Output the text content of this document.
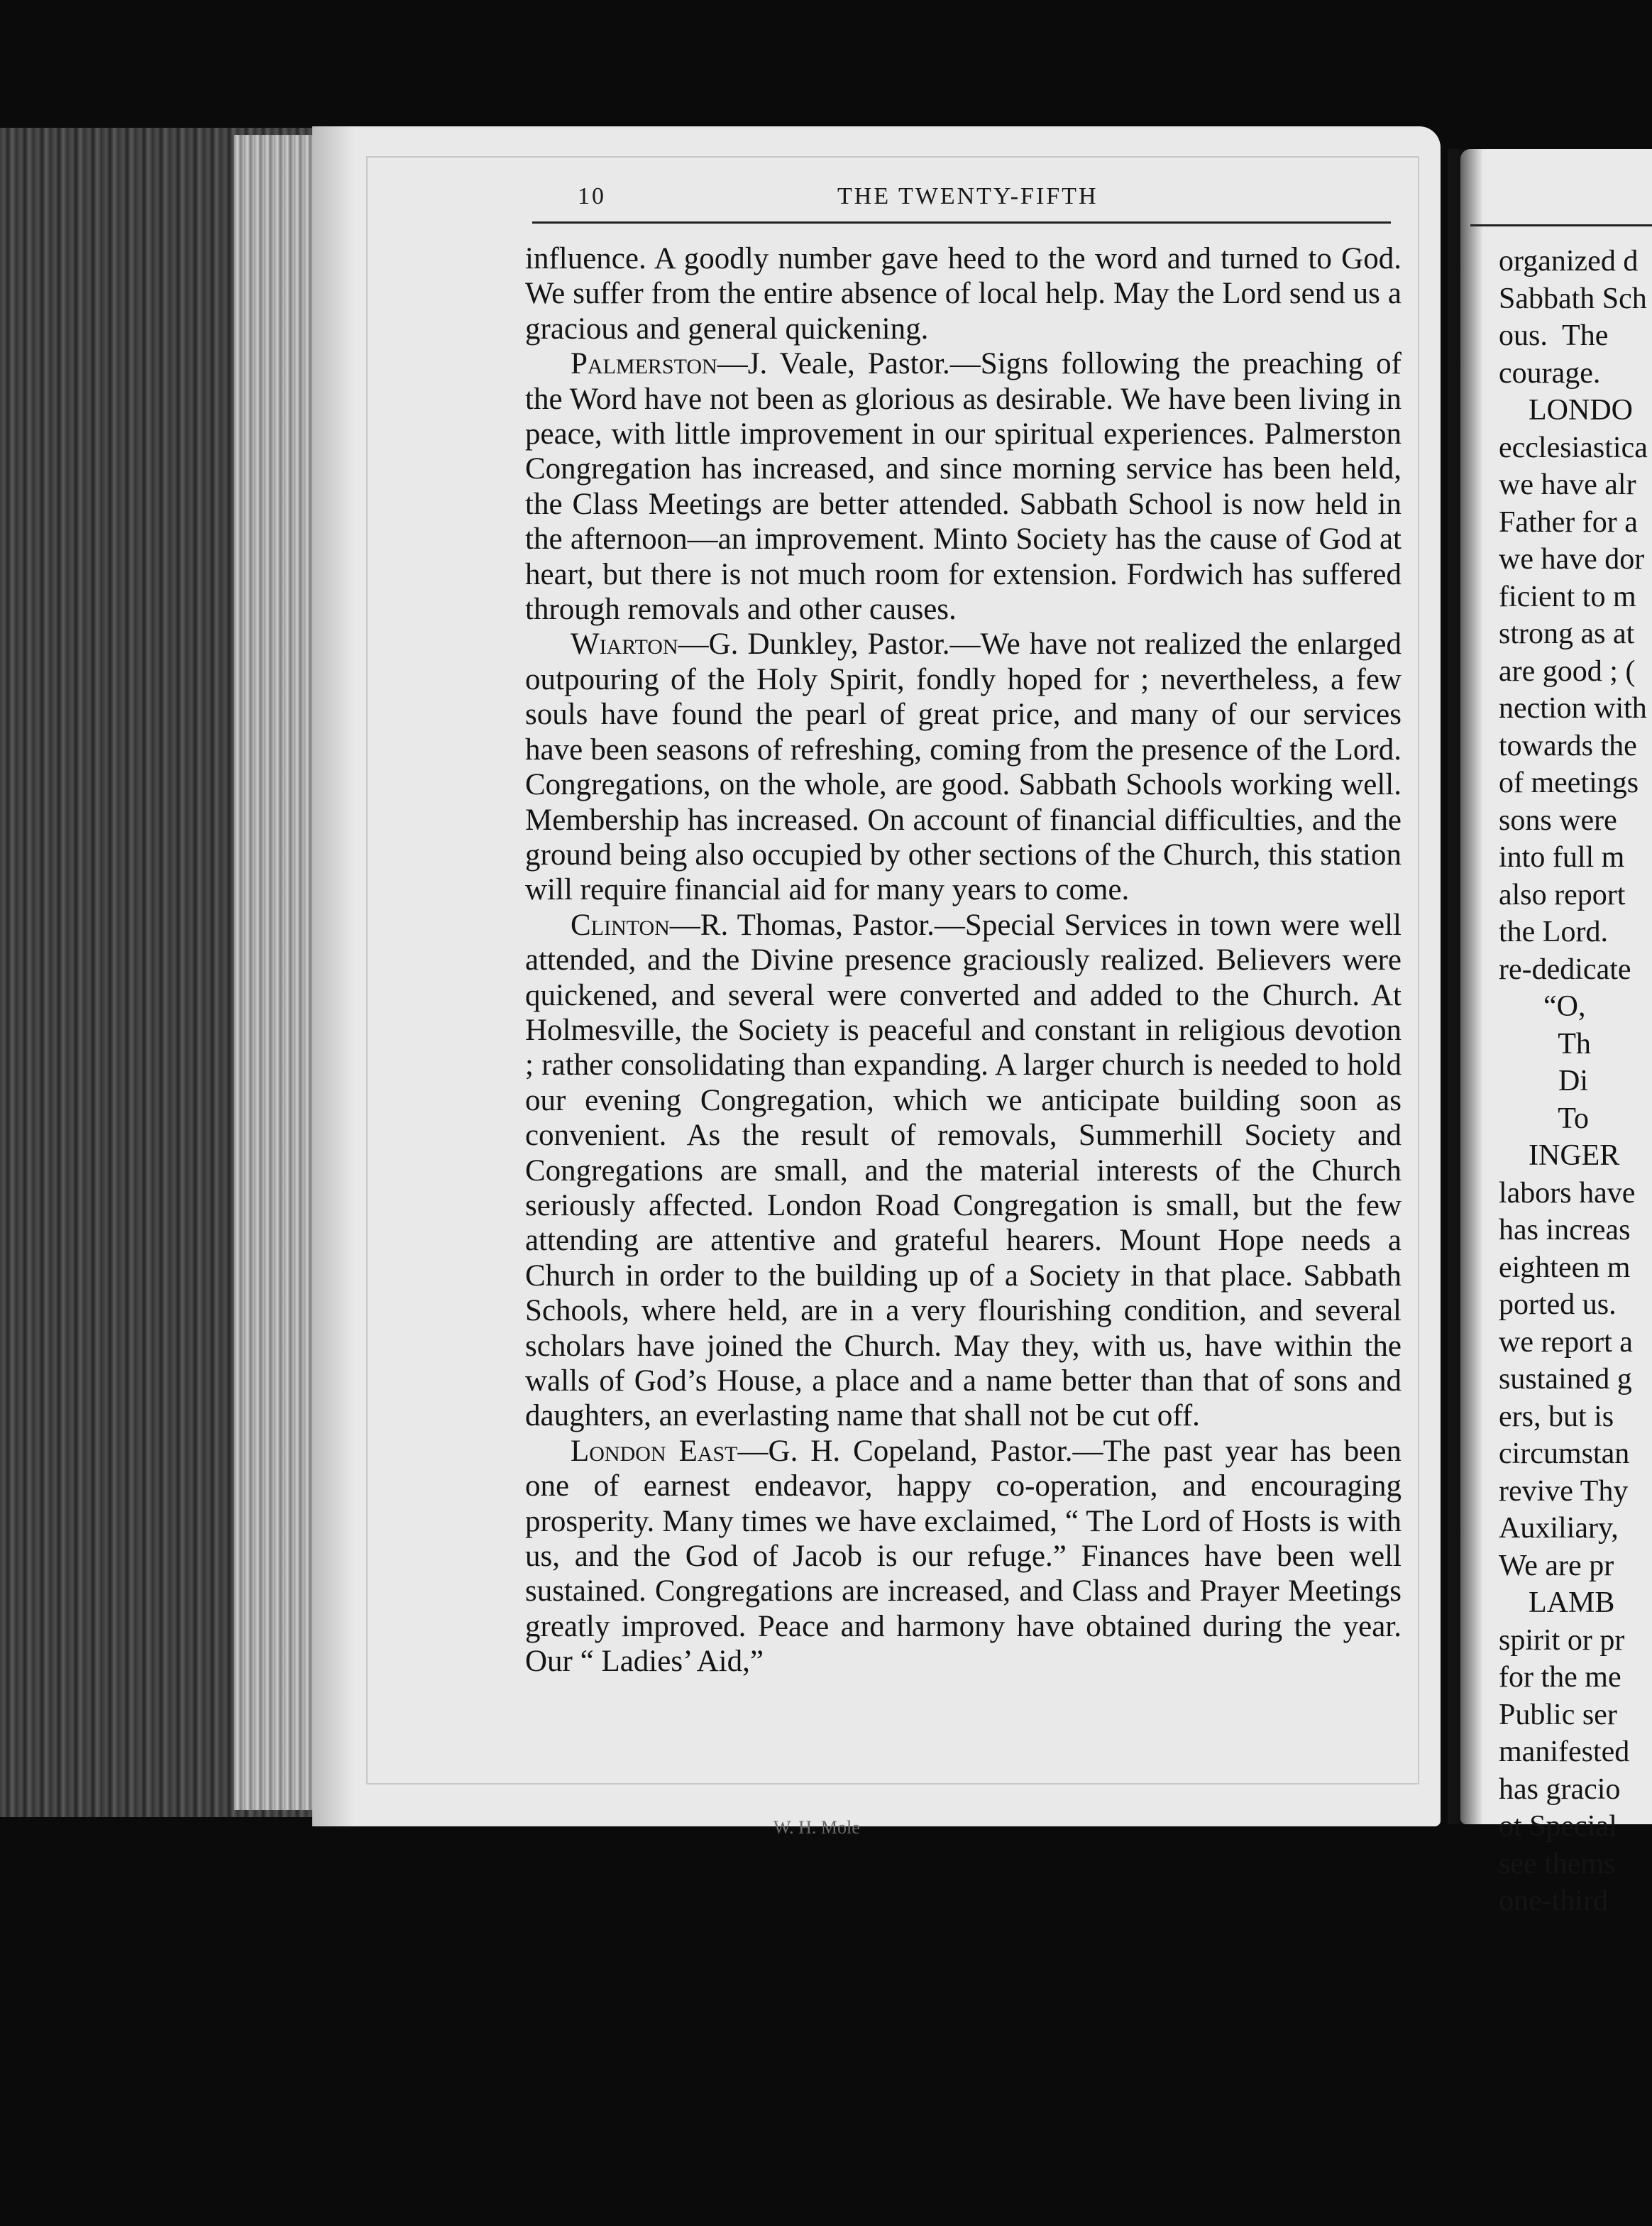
10	THE TWENTY-FIFTH

influence. A goodly number gave heed to the word and turned to God. We suffer from the entire absence of local help. May the Lord send us a gracious and general quickening.

Palmerston—J. Veale, Pastor.—Signs following the preaching of the Word have not been as glorious as desirable. We have been living in peace, with little improvement in our spiritual experiences. Palmerston Congregation has increased, and since morning service has been held, the Class Meetings are better attended. Sabbath School is now held in the afternoon—an improvement. Minto Society has the cause of God at heart, but there is not much room for extension. Fordwich has suffered through removals and other causes.

Wiarton—G. Dunkley, Pastor.—We have not realized the enlarged outpouring of the Holy Spirit, fondly hoped for ; nevertheless, a few souls have found the pearl of great price, and many of our services have been seasons of refreshing, coming from the presence of the Lord. Congregations, on the whole, are good. Sabbath Schools working well. Membership has increased. On account of financial difficulties, and the ground being also occupied by other sections of the Church, this station will require financial aid for many years to come.

Clinton—R. Thomas, Pastor.—Special Services in town were well attended, and the Divine presence graciously realized. Believers were quickened, and several were converted and added to the Church. At Holmesville, the Society is peaceful and constant in religious devotion ; rather consolidating than expanding. A larger church is needed to hold our evening Congregation, which we anticipate building soon as convenient. As the result of removals, Summerhill Society and Congregations are small, and the material interests of the Church seriously affected. London Road Congregation is small, but the few attending are attentive and grateful hearers. Mount Hope needs a Church in order to the building up of a Society in that place. Sabbath Schools, where held, are in a very flourishing condition, and several scholars have joined the Church. May they, with us, have within the walls of God’s House, a place and a name better than that of sons and daughters, an everlasting name that shall not be cut off.

London East—G. H. Copeland, Pastor.—The past year has been one of earnest endeavor, happy co-operation, and encouraging prosperity. Many times we have exclaimed, “ The Lord of Hosts is with us, and the God of Jacob is our refuge.” Finances have been well sustained. Congregations are increased, and Class and Prayer Meetings greatly improved. Peace and harmony have obtained during the year. Our “ Ladies’ Aid,”

W. H. Mole
organized d
Sabbath Sch
ous.  The
courage.
LONDO
ecclesiastica
we have alr
Father for a
we have dor
ficient to m
strong as at
are good ; (
nection with
towards the
of meetings
sons were
into full m
also report
the Lord.
re-dedicate
“O,
Th
Di
To
INGER
labors have
has increas
eighteen m
ported us.
we report a
sustained g
ers, but is
circumstan
revive Thy
Auxiliary,
We are pr
LAMB
spirit or pr
for the me
Public ser
manifested
has gracio
ot Special
see thems
one-third
